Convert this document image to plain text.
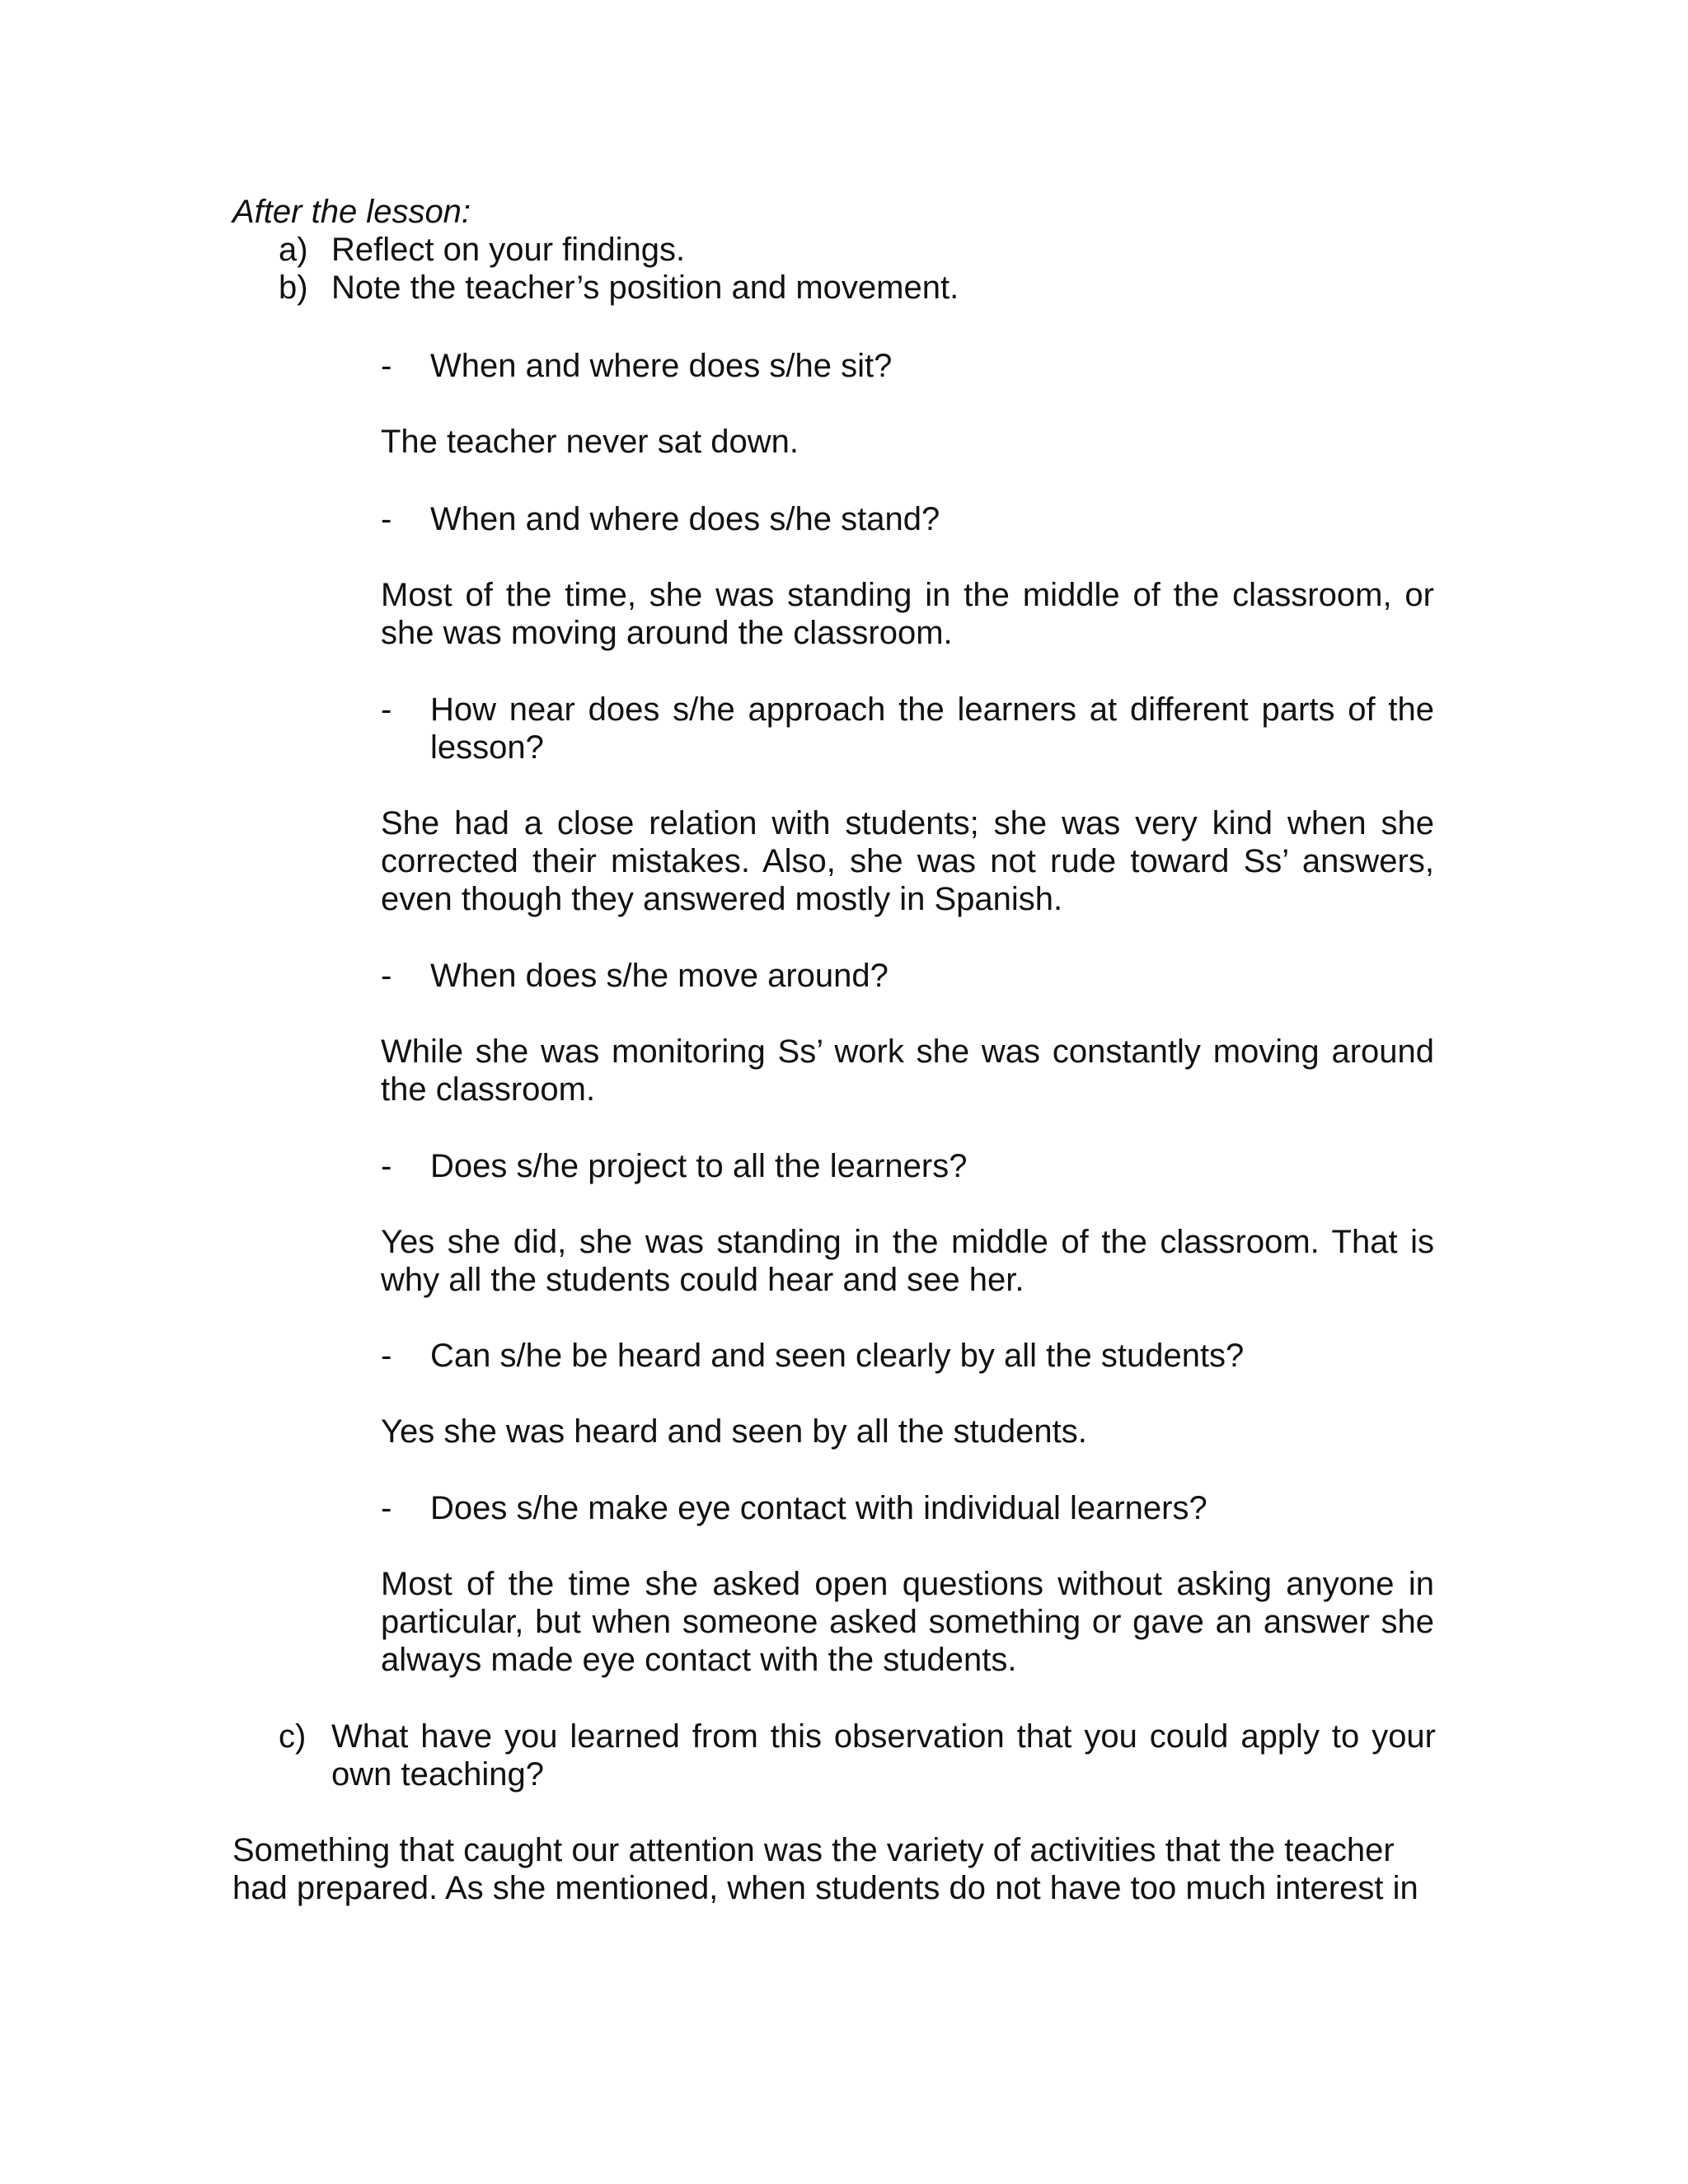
After the lesson:

a) Reflect on your findings.
b) Note the teacher’s position and movement.
- When and where does s/he sit?

The teacher never sat down.

- When and where does s/he stand?

Most of the time, she was standing in the middle of the classroom, or she was moving around the classroom.

- How near does s/he approach the learners at different parts of the lesson?

She had a close relation with students; she was very kind when she corrected their mistakes. Also, she was not rude toward Ss’ answers, even though they answered mostly in Spanish.

- When does s/he move around?

While she was monitoring Ss’ work she was constantly moving around the classroom.

- Does s/he project to all the learners?

Yes she did, she was standing in the middle of the classroom. That is why all the students could hear and see her.

- Can s/he be heard and seen clearly by all the students?

Yes she was heard and seen by all the students.

- Does s/he make eye contact with individual learners?

Most of the time she asked open questions without asking anyone in particular, but when someone asked something or gave an answer she always made eye contact with the students.

c) What have you learned from this observation that you could apply to your own teaching?

Something that caught our attention was the variety of activities that the teacher had prepared. As she mentioned, when students do not have too much interest in
